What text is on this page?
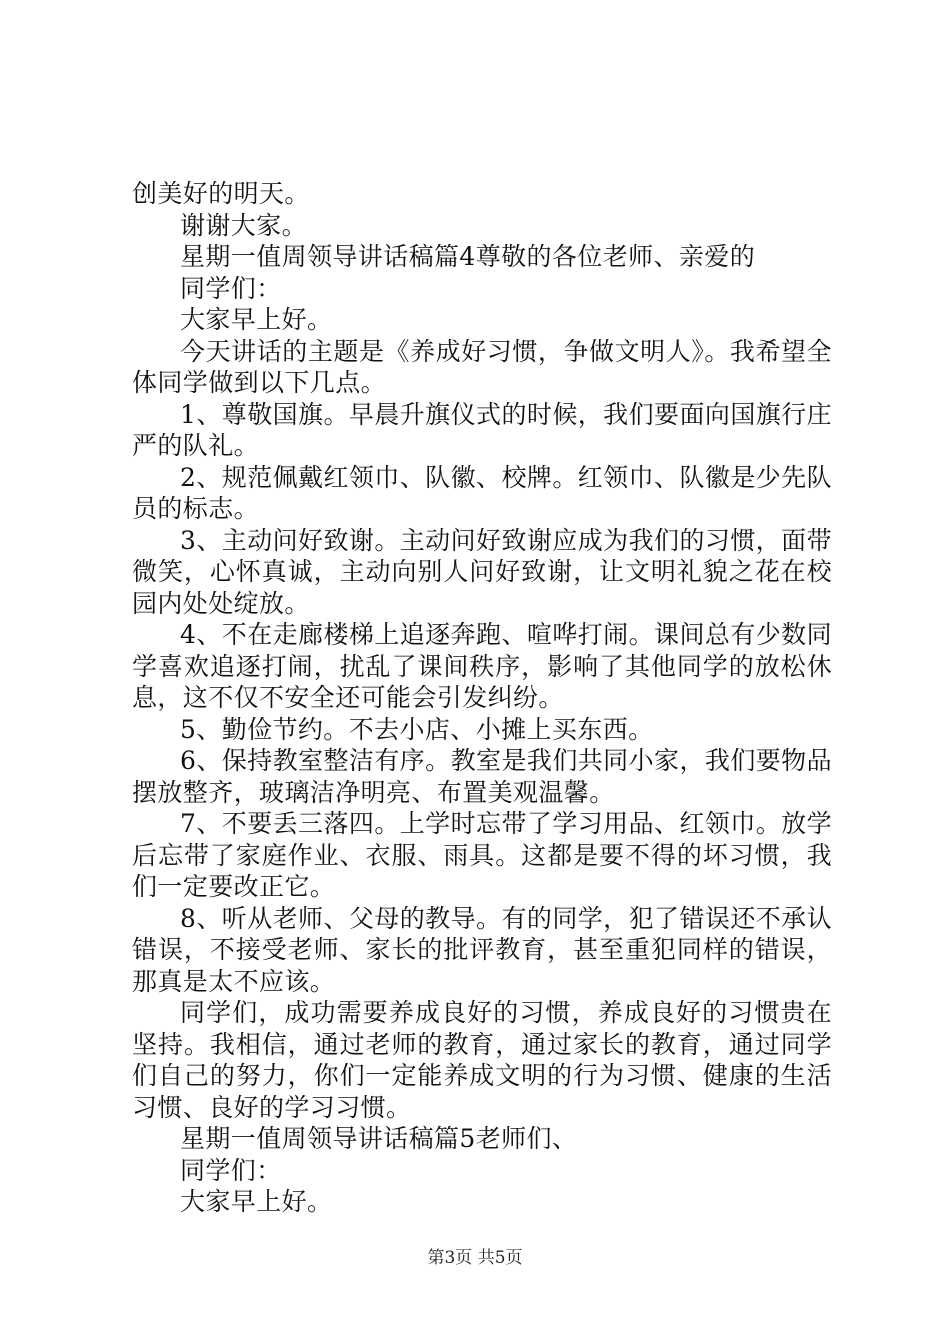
创美好的明天。

谢谢大家。

星期一值周领导讲话稿篇4尊敬的各位老师、亲爱的

同学们：

大家早上好。

今天讲话的主题是《养成好习惯，争做文明人》。我希望全体同学做到以下几点。

1、尊敬国旗。早晨升旗仪式的时候，我们要面向国旗行庄严的队礼。

2、规范佩戴红领巾、队徽、校牌。红领巾、队徽是少先队员的标志。

3、主动问好致谢。主动问好致谢应成为我们的习惯，面带微笑，心怀真诚，主动向别人问好致谢，让文明礼貌之花在校园内处处绽放。

4、不在走廊楼梯上追逐奔跑、喧哗打闹。课间总有少数同学喜欢追逐打闹，扰乱了课间秩序，影响了其他同学的放松休息，这不仅不安全还可能会引发纠纷。

5、勤俭节约。不去小店、小摊上买东西。

6、保持教室整洁有序。教室是我们共同小家，我们要物品摆放整齐，玻璃洁净明亮、布置美观温馨。

7、不要丢三落四。上学时忘带了学习用品、红领巾。放学后忘带了家庭作业、衣服、雨具。这都是要不得的坏习惯，我们一定要改正它。

8、听从老师、父母的教导。有的同学，犯了错误还不承认错误，不接受老师、家长的批评教育，甚至重犯同样的错误，那真是太不应该。

同学们，成功需要养成良好的习惯，养成良好的习惯贵在坚持。我相信，通过老师的教育，通过家长的教育，通过同学们自己的努力，你们一定能养成文明的行为习惯、健康的生活习惯、良好的学习习惯。

星期一值周领导讲话稿篇5老师们、

同学们：

大家早上好。

第3页 共5页
